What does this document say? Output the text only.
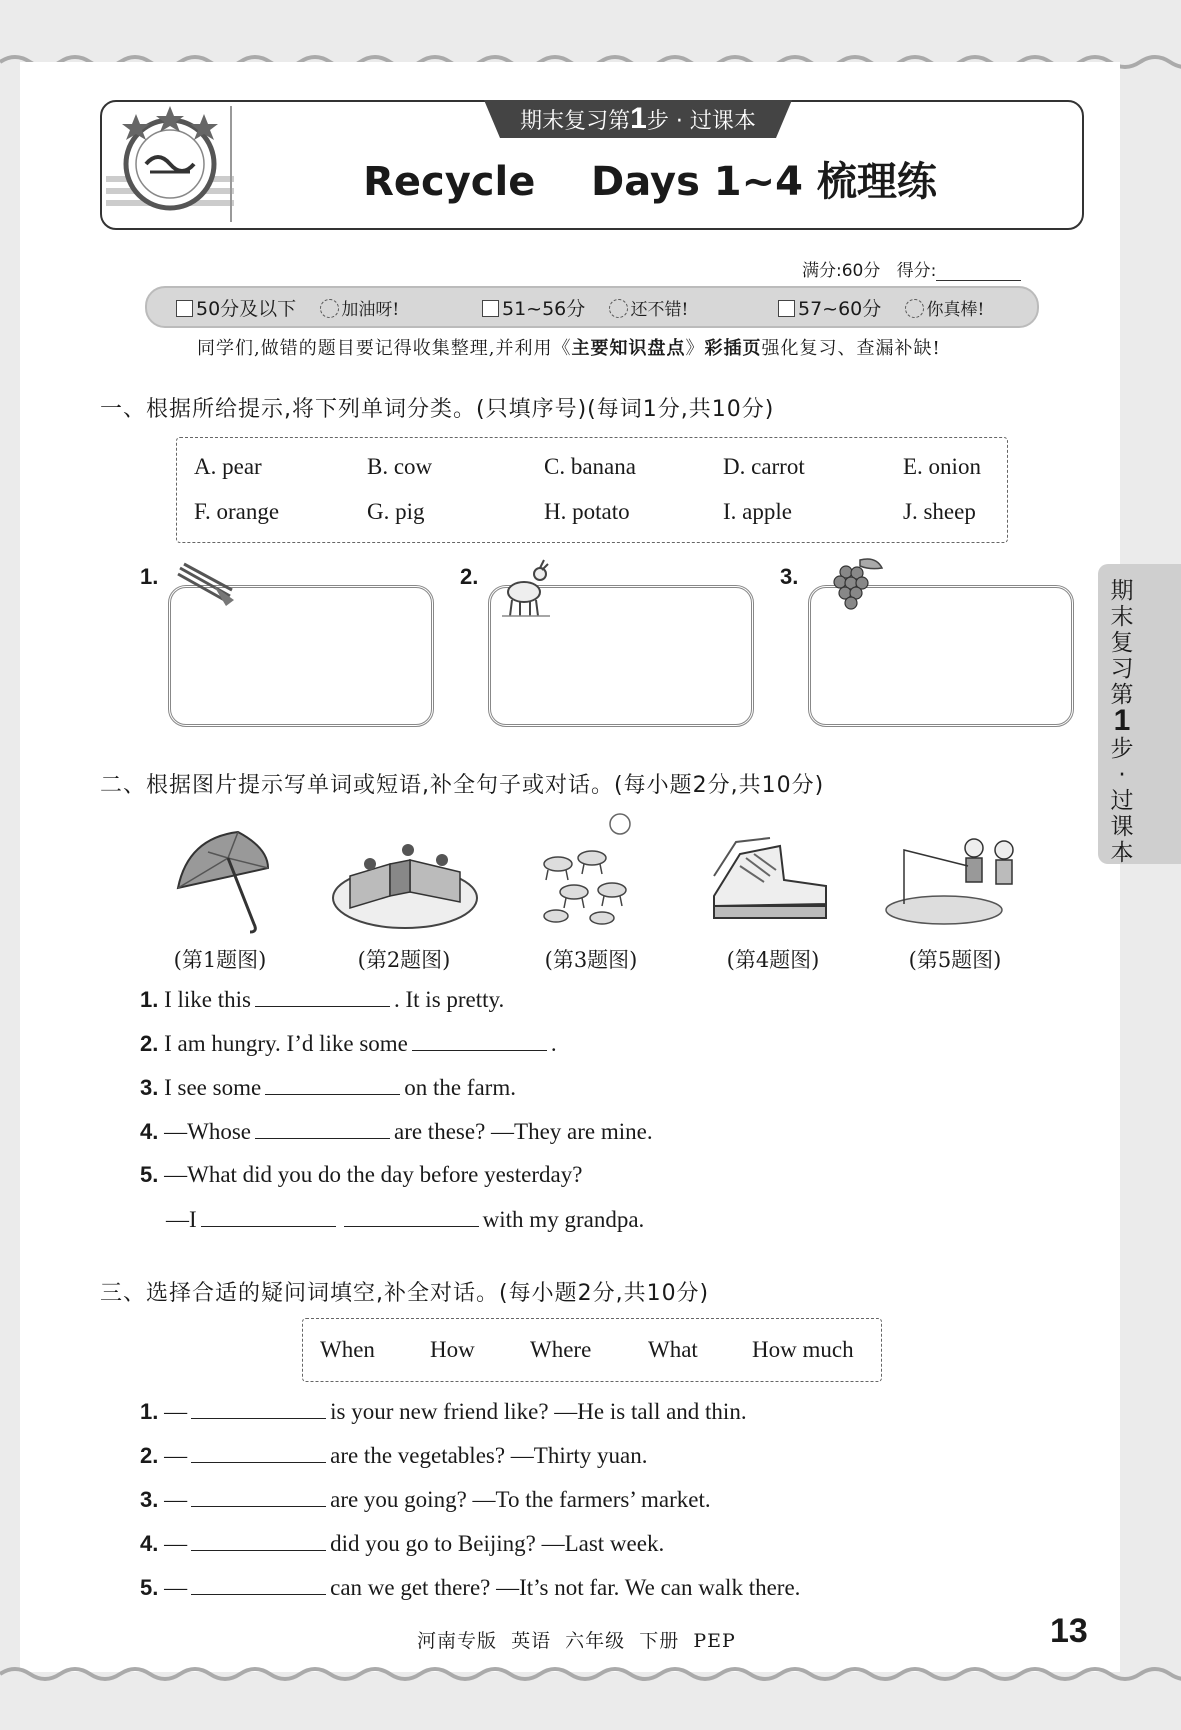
期末复习第1步 · 过课本
Recycle    Days 1~4 梳理练
满分:60分 得分:
50分及以下	加油呀!	51~56分	还不错!	57~60分	你真棒!
同学们,做错的题目要记得收集整理,并利用《主要知识盘点》彩插页强化复习、查漏补缺!
一、根据所给提示,将下列单词分类。(只填序号)(每词1分,共10分)
A. pear	B. cow	C. banana	D. carrot	E. onion
F. orange	G. pig	H. potato	I. apple	J. sheep
1.	2.	3.
二、根据图片提示写单词或短语,补全句子或对话。(每小题2分,共10分)
(第1题图)	(第2题图)	(第3题图)	(第4题图)	(第5题图)
1. I like this	. It is pretty.
2. I am hungry. I’d like some	.
3. I see some	on the farm.
4. —Whose	are these? —They are mine.
5. —What did you do the day before yesterday?
—I	with my grandpa.
三、选择合适的疑问词填空,补全对话。(每小题2分,共10分)
When How Where What How much
1. —	is your new friend like? —He is tall and thin.
2. —	are the vegetables? —Thirty yuan.
3. —	are you going? —To the farmers’ market.
4. —	did you go to Beijing? —Last week.
5. —	can we get there? —It’s not far. We can walk there.
河南专版  英语  六年级  下册  PEP	13
期末复习第1步·过课本
